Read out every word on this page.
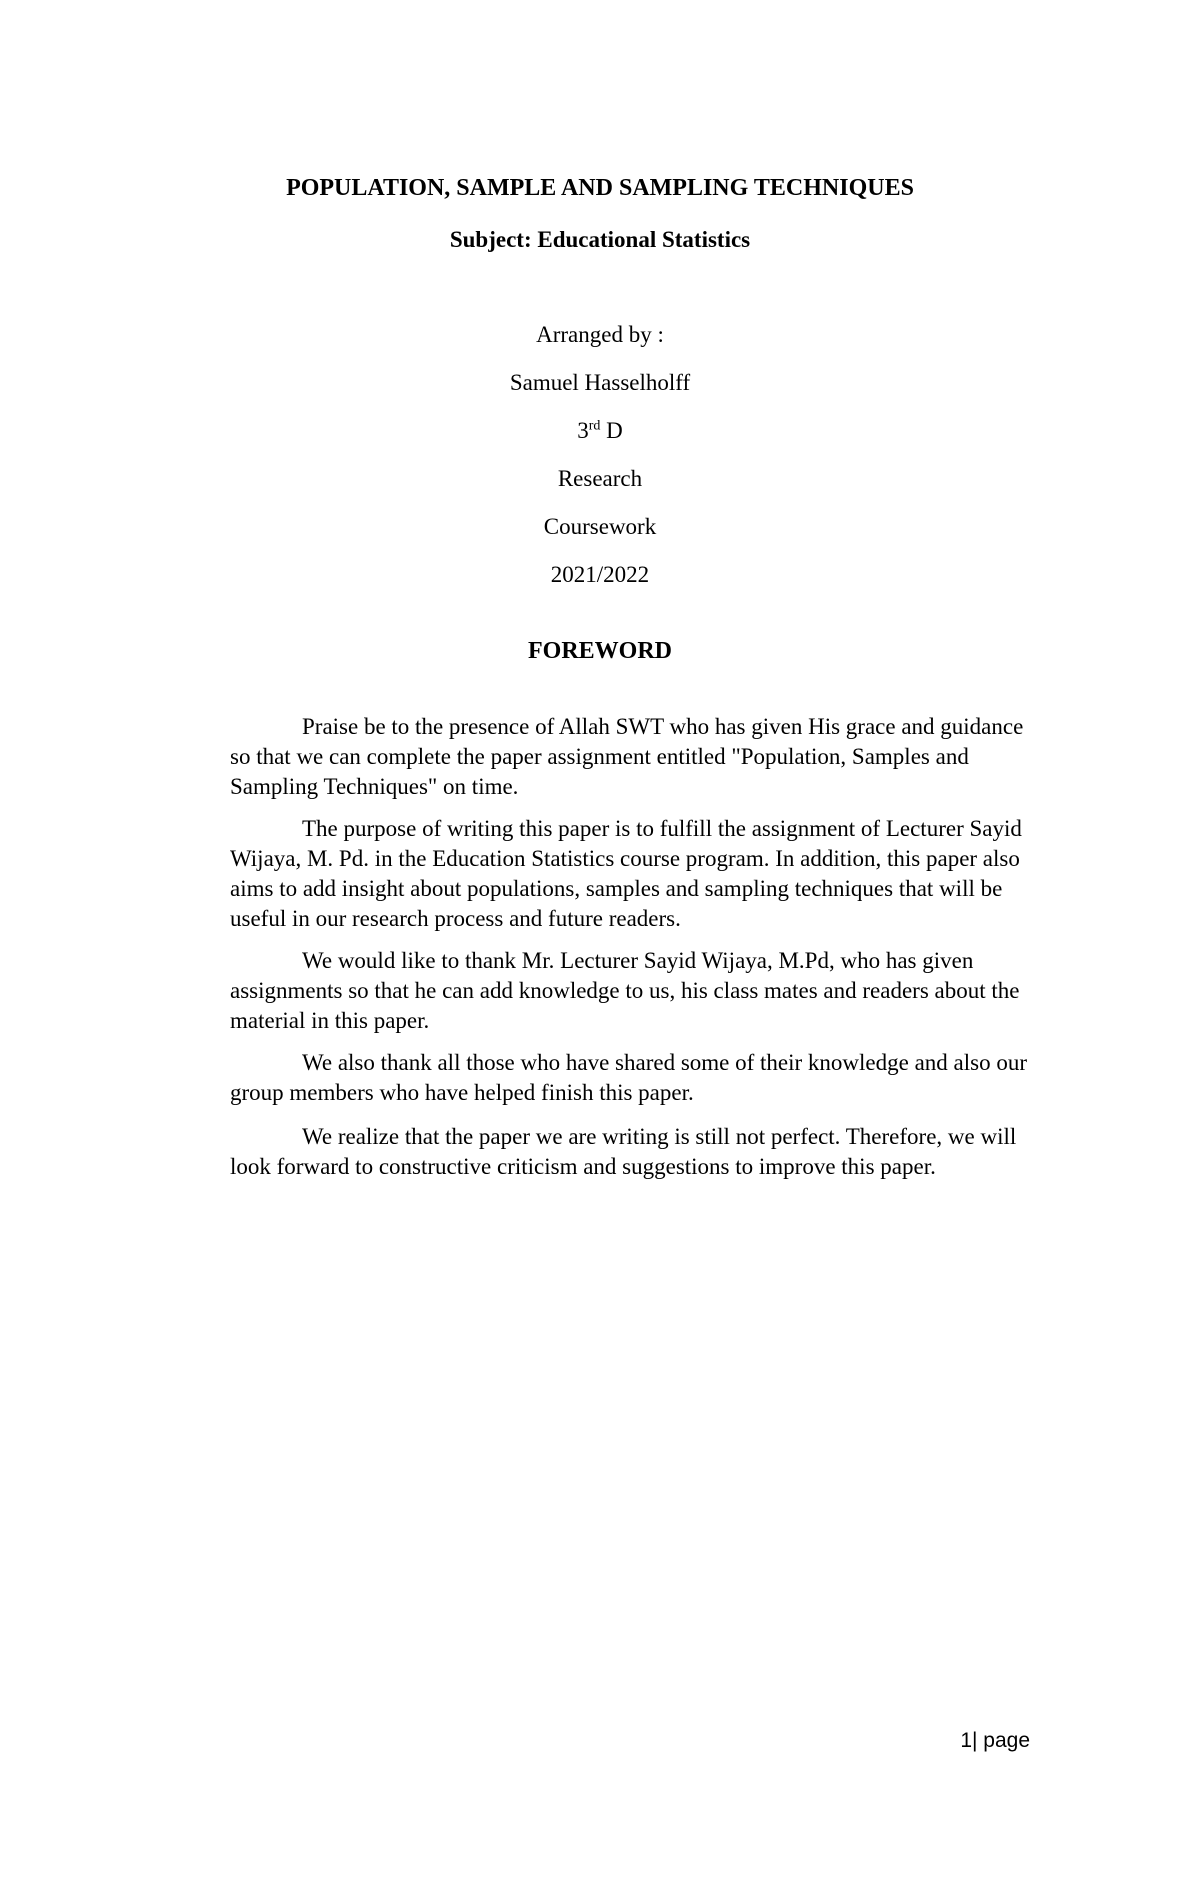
POPULATION, SAMPLE AND SAMPLING TECHNIQUES

Subject: Educational Statistics

Arranged by :

Samuel Hasselholff

3rd D

Research

Coursework

2021/2022

FOREWORD

Praise be to the presence of Allah SWT who has given His grace and guidance so that we can complete the paper assignment entitled "Population, Samples and Sampling Techniques" on time.

The purpose of writing this paper is to fulfill the assignment of Lecturer Sayid Wijaya, M. Pd. in the Education Statistics course program. In addition, this paper also aims to add insight about populations, samples and sampling techniques that will be useful in our research process and future readers.

We would like to thank Mr. Lecturer Sayid Wijaya, M.Pd, who has given assignments so that he can add knowledge to us, his class mates and readers about the material in this paper.

We also thank all those who have shared some of their knowledge and also our group members who have helped finish this paper.

We realize that the paper we are writing is still not perfect. Therefore, we will look forward to constructive criticism and suggestions to improve this paper.

1| page
